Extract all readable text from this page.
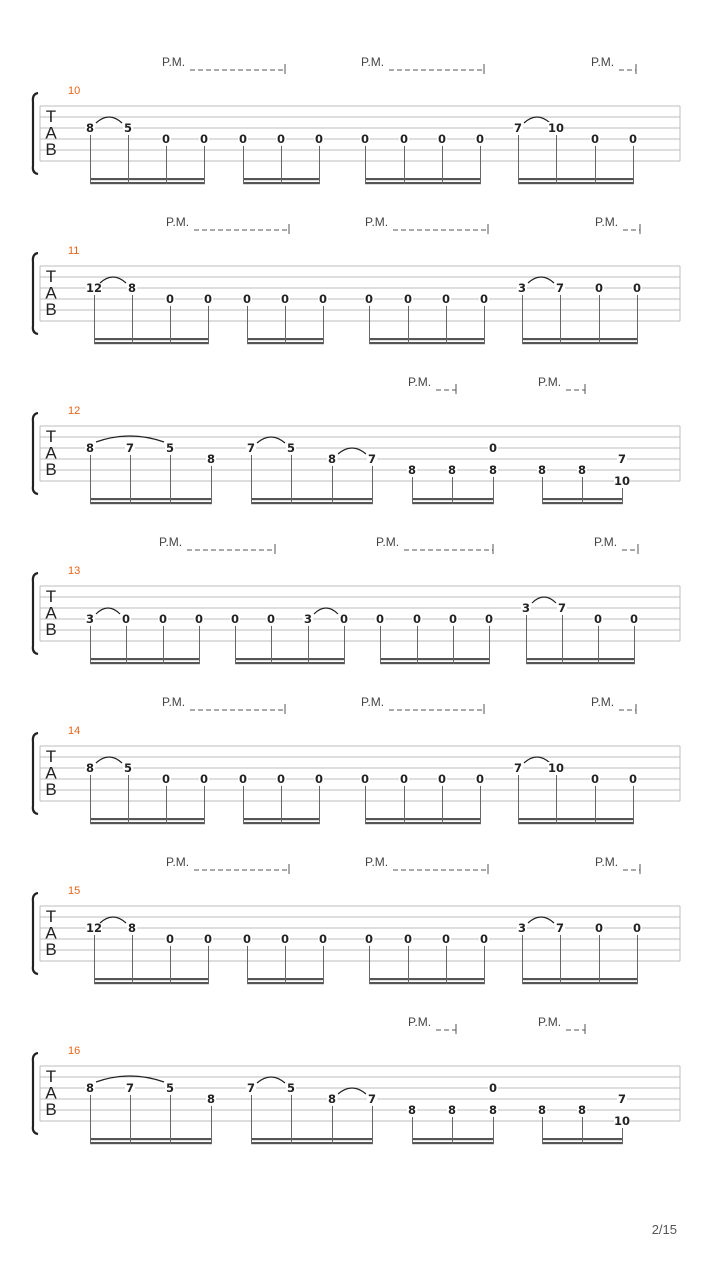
T
A
B
10
P.M.	P.M.	P.M.
8	5
0	0	0	0	0	0	0	0	0
7 10
0	0
T
A
B
11
P.M.	P.M.	P.M.
12 8
0	0	0	0	0	0	0	0	0
3	7	0	0
T
A
B
12
P.M.	P.M.
8	7	5
8
7	5
8	7
8	8
0
8	8	8
7
10
T
A
B
13
P.M.	P.M.	P.M.
3 0	0 0 0 0	3 0 0	0 0 0
3 7
0 0
T
A
B
14
P.M.	P.M.	P.M.
8	5
0	0	0	0	0	0	0	0	0
7 10
0	0
T
A
B
15
P.M.	P.M.	P.M.
12 8
0	0	0	0	0	0	0	0	0
3	7	0	0
T
A
B
16
P.M.	P.M.
8	7	5
8
7	5
8	7
8	8
0
8	8	8
7
10
2/15
